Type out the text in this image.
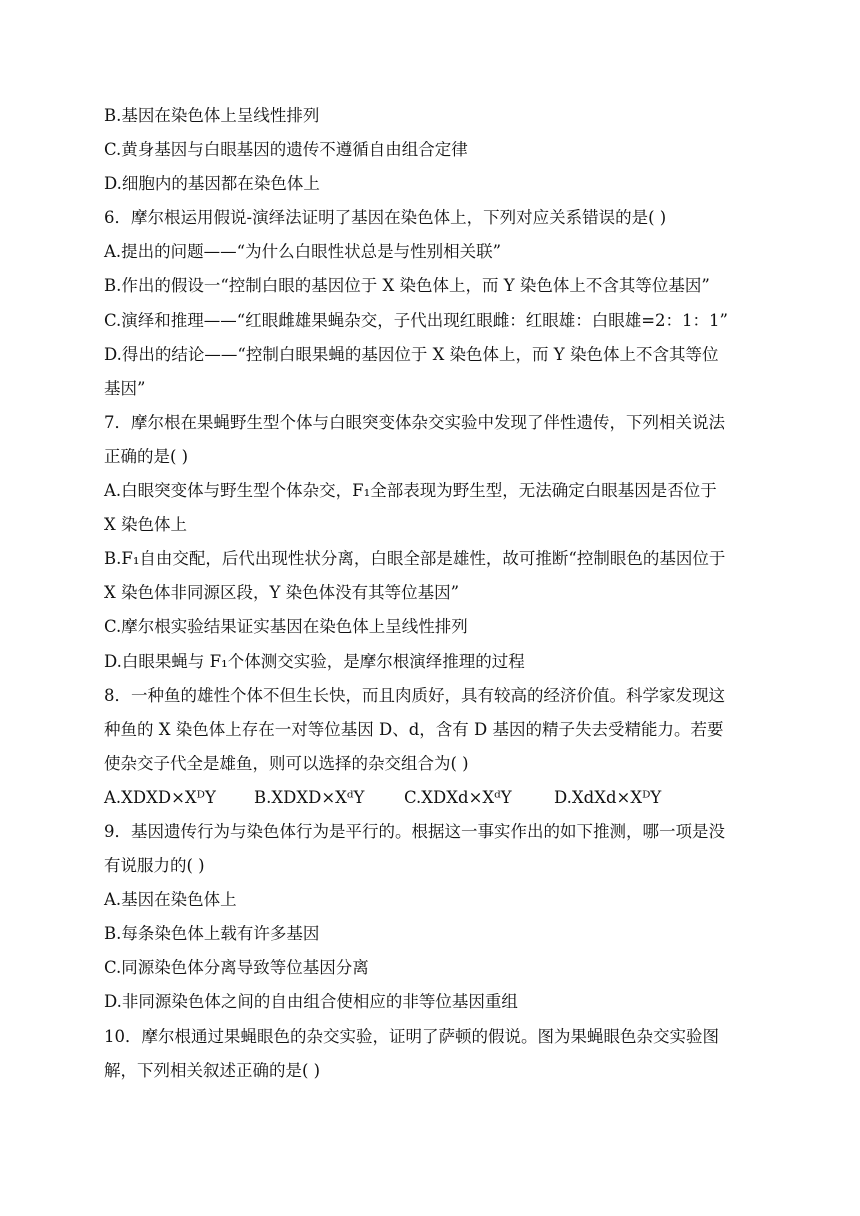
B.基因在染色体上呈线性排列
C.黄身基因与白眼基因的遗传不遵循自由组合定律
D.细胞内的基因都在染色体上
6．摩尔根运用假说-演绎法证明了基因在染色体上，下列对应关系错误的是( )
A.提出的问题——“为什么白眼性状总是与性别相关联”
B.作出的假设一“控制白眼的基因位于 X 染色体上，而 Y 染色体上不含其等位基因”
C.演绎和推理——“红眼雌雄果蝇杂交，子代出现红眼雌：红眼雄：白眼雄=2：1：1”
D.得出的结论——“控制白眼果蝇的基因位于 X 染色体上，而 Y 染色体上不含其等位
基因”
7．摩尔根在果蝇野生型个体与白眼突变体杂交实验中发现了伴性遗传，下列相关说法
正确的是( )
A.白眼突变体与野生型个体杂交，F₁全部表现为野生型，无法确定白眼基因是否位于
X 染色体上
B.F₁自由交配，后代出现性状分离，白眼全部是雄性，故可推断“控制眼色的基因位于
X 染色体非同源区段，Y 染色体没有其等位基因”
C.摩尔根实验结果证实基因在染色体上呈线性排列
D.白眼果蝇与 F₁个体测交实验，是摩尔根演绎推理的过程
8．一种鱼的雄性个体不但生长快，而且肉质好，具有较高的经济价值。科学家发现这
种鱼的 X 染色体上存在一对等位基因 D、d，含有 D 基因的精子失去受精能力。若要
使杂交子代全是雄鱼，则可以选择的杂交组合为( )
A.XDXD×XᴰY	B.XDXD×XᵈY	C.XDXd×XᵈY	D.XdXd×XᴰY
9．基因遗传行为与染色体行为是平行的。根据这一事实作出的如下推测，哪一项是没
有说服力的( )
A.基因在染色体上
B.每条染色体上载有许多基因
C.同源染色体分离导致等位基因分离
D.非同源染色体之间的自由组合使相应的非等位基因重组
10．摩尔根通过果蝇眼色的杂交实验，证明了萨顿的假说。图为果蝇眼色杂交实验图
解，下列相关叙述正确的是( )
